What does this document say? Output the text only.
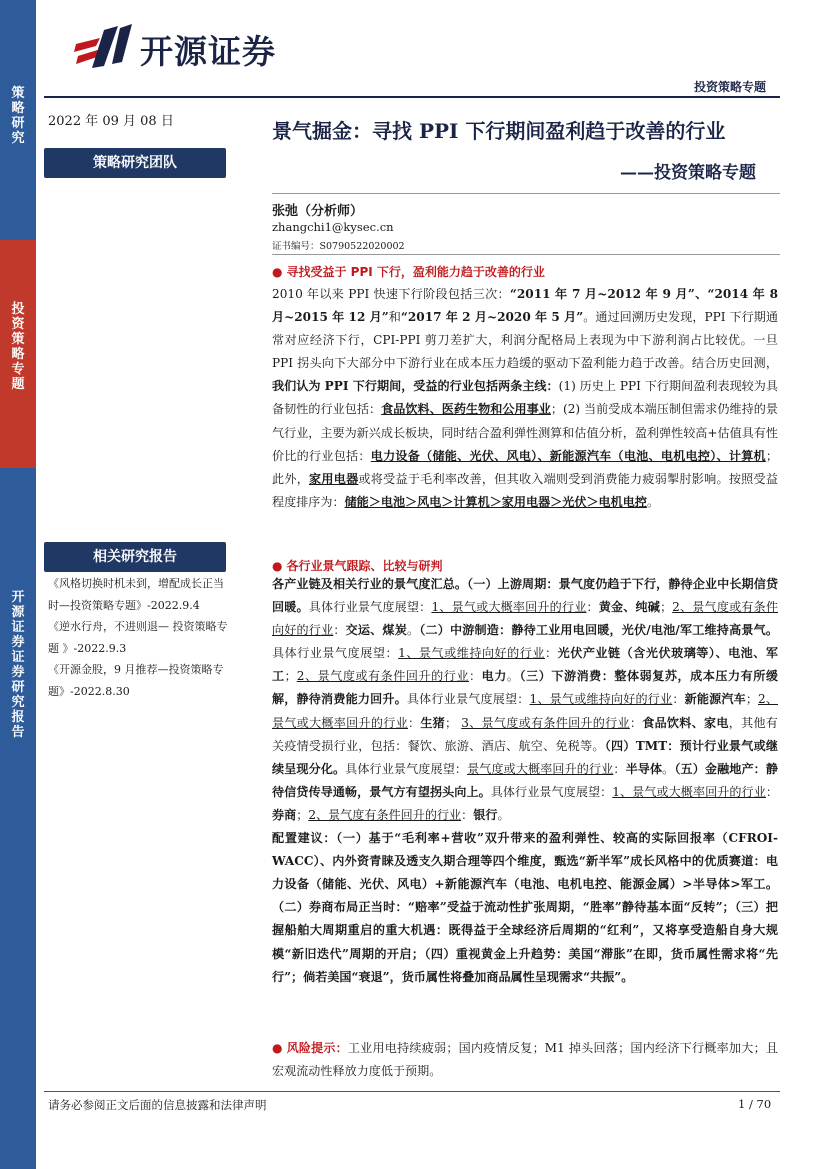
策略研究
投资策略专题
开源证券 证券研究报告
开源证券
投资策略专题
2022 年 09 月 08 日
策略研究团队
相关研究报告
《风格切换时机未到，增配成长正当时—投资策略专题》-2022.9.4
《逆水行舟，不进则退— 投资策略专题 》-2022.9.3
《开源金股，9 月推荐—投资策略专题》-2022.8.30
景气掘金：寻找 PPI 下行期间盈利趋于改善的行业
——投资策略专题
张弛（分析师）
zhangchi1@kysec.cn
证书编号：S0790522020002
● 寻找受益于 PPI 下行，盈利能力趋于改善的行业
2010 年以来 PPI 快速下行阶段包括三次：“2011 年 7 月~2012 年 9 月”、“2014 年 8 月~2015 年 12 月”和“2017 年 2 月~2020 年 5 月”。通过回溯历史发现，PPI 下行期通常对应经济下行，CPI-PPI 剪刀差扩大，利润分配格局上表现为中下游利润占比较优。一旦 PPI 拐头向下大部分中下游行业在成本压力趋缓的驱动下盈利能力趋于改善。结合历史回测，我们认为 PPI 下行期间，受益的行业包括两条主线：(1) 历史上 PPI 下行期间盈利表现较为具备韧性的行业包括：食品饮料、医药生物和公用事业；(2) 当前受成本端压制但需求仍维持的景气行业，主要为新兴成长板块，同时结合盈利弹性测算和估值分析，盈利弹性较高+估值具有性价比的行业包括：电力设备（储能、光伏、风电）、新能源汽车（电池、电机电控）、计算机；此外，家用电器或将受益于毛利率改善，但其收入端则受到消费能力疲弱掣肘影响。按照受益程度排序为：储能＞电池＞风电＞计算机＞家用电器＞光伏＞电机电控。
● 各行业景气跟踪、比较与研判
各产业链及相关行业的景气度汇总。（一）上游周期：景气度仍趋于下行，静待企业中长期信贷回暖。具体行业景气度展望：1、景气或大概率回升的行业：黄金、纯碱；2、景气度或有条件向好的行业：交运、煤炭。（二）中游制造：静待工业用电回暖，光伏/电池/军工维持高景气。具体行业景气度展望：1、景气或维持向好的行业：光伏产业链（含光伏玻璃等）、电池、军工；2、景气度或有条件回升的行业：电力。（三）下游消费：整体弱复苏，成本压力有所缓解，静待消费能力回升。具体行业景气度展望：1、景气或维持向好的行业：新能源汽车；2、景气或大概率回升的行业：生猪； 3、景气度或有条件回升的行业：食品饮料、家电，其他有关疫情受损行业，包括：餐饮、旅游、酒店、航空、免税等。（四）TMT：预计行业景气或继续呈现分化。具体行业景气度展望：景气度或大概率回升的行业：半导体。（五）金融地产：静待信贷传导通畅，景气方有望拐头向上。具体行业景气度展望：1、景气或大概率回升的行业：券商；2、景气度有条件回升的行业：银行。
配置建议：（一）基于“毛利率+营收”双升带来的盈利弹性、较高的实际回报率（CFROI-WACC）、内外资青睐及透支久期合理等四个维度，甄选“新半军”成长风格中的优质赛道：电力设备（储能、光伏、风电）+新能源汽车（电池、电机电控、能源金属）>半导体>军工。（二）券商布局正当时：“赔率”受益于流动性扩张周期，“胜率”静待基本面“反转”；（三）把握船舶大周期重启的重大机遇：既得益于全球经济后周期的“红利”，又将享受造船自身大规模“新旧迭代”周期的开启；（四）重视黄金上升趋势：美国“滞胀”在即，货币属性需求将“先行”；倘若美国“衰退”，货币属性将叠加商品属性呈现需求“共振”。
● 风险提示：工业用电持续疲弱；国内疫情反复；M1 掉头回落；国内经济下行概率加大；且宏观流动性释放力度低于预期。
请务必参阅正文后面的信息披露和法律声明	1 / 70
